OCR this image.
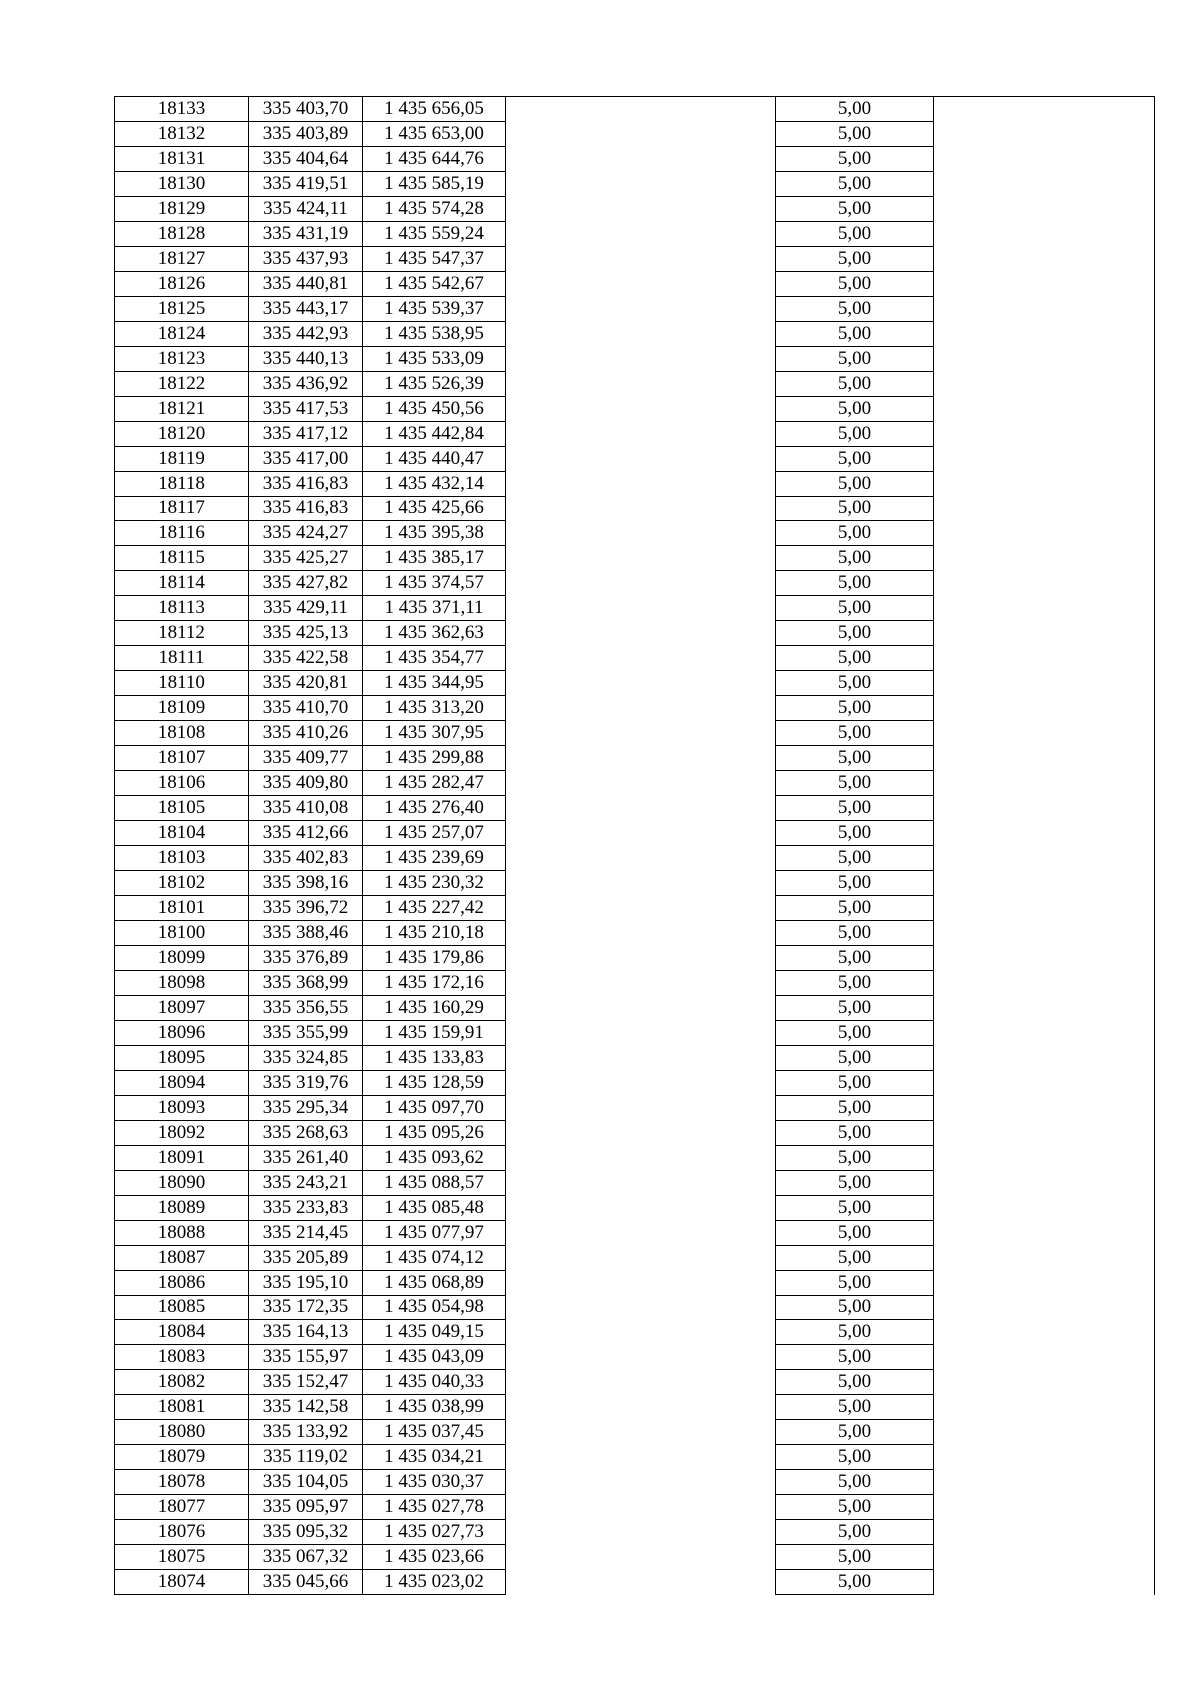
18133	335 403,70	1 435 656,05		5,00	
18132	335 403,89	1 435 653,00		5,00	
18131	335 404,64	1 435 644,76		5,00	
18130	335 419,51	1 435 585,19		5,00	
18129	335 424,11	1 435 574,28		5,00	
18128	335 431,19	1 435 559,24		5,00	
18127	335 437,93	1 435 547,37		5,00	
18126	335 440,81	1 435 542,67		5,00	
18125	335 443,17	1 435 539,37		5,00	
18124	335 442,93	1 435 538,95		5,00	
18123	335 440,13	1 435 533,09		5,00	
18122	335 436,92	1 435 526,39		5,00	
18121	335 417,53	1 435 450,56		5,00	
18120	335 417,12	1 435 442,84		5,00	
18119	335 417,00	1 435 440,47		5,00	
18118	335 416,83	1 435 432,14		5,00	
18117	335 416,83	1 435 425,66		5,00	
18116	335 424,27	1 435 395,38		5,00	
18115	335 425,27	1 435 385,17		5,00	
18114	335 427,82	1 435 374,57		5,00	
18113	335 429,11	1 435 371,11		5,00	
18112	335 425,13	1 435 362,63		5,00	
18111	335 422,58	1 435 354,77		5,00	
18110	335 420,81	1 435 344,95		5,00	
18109	335 410,70	1 435 313,20		5,00	
18108	335 410,26	1 435 307,95		5,00	
18107	335 409,77	1 435 299,88		5,00	
18106	335 409,80	1 435 282,47		5,00	
18105	335 410,08	1 435 276,40		5,00	
18104	335 412,66	1 435 257,07		5,00	
18103	335 402,83	1 435 239,69		5,00	
18102	335 398,16	1 435 230,32		5,00	
18101	335 396,72	1 435 227,42		5,00	
18100	335 388,46	1 435 210,18		5,00	
18099	335 376,89	1 435 179,86		5,00	
18098	335 368,99	1 435 172,16		5,00	
18097	335 356,55	1 435 160,29		5,00	
18096	335 355,99	1 435 159,91		5,00	
18095	335 324,85	1 435 133,83		5,00	
18094	335 319,76	1 435 128,59		5,00	
18093	335 295,34	1 435 097,70		5,00	
18092	335 268,63	1 435 095,26		5,00	
18091	335 261,40	1 435 093,62		5,00	
18090	335 243,21	1 435 088,57		5,00	
18089	335 233,83	1 435 085,48		5,00	
18088	335 214,45	1 435 077,97		5,00	
18087	335 205,89	1 435 074,12		5,00	
18086	335 195,10	1 435 068,89		5,00	
18085	335 172,35	1 435 054,98		5,00	
18084	335 164,13	1 435 049,15		5,00	
18083	335 155,97	1 435 043,09		5,00	
18082	335 152,47	1 435 040,33		5,00	
18081	335 142,58	1 435 038,99		5,00	
18080	335 133,92	1 435 037,45		5,00	
18079	335 119,02	1 435 034,21		5,00	
18078	335 104,05	1 435 030,37		5,00	
18077	335 095,97	1 435 027,78		5,00	
18076	335 095,32	1 435 027,73		5,00	
18075	335 067,32	1 435 023,66		5,00	
18074	335 045,66	1 435 023,02		5,00	
